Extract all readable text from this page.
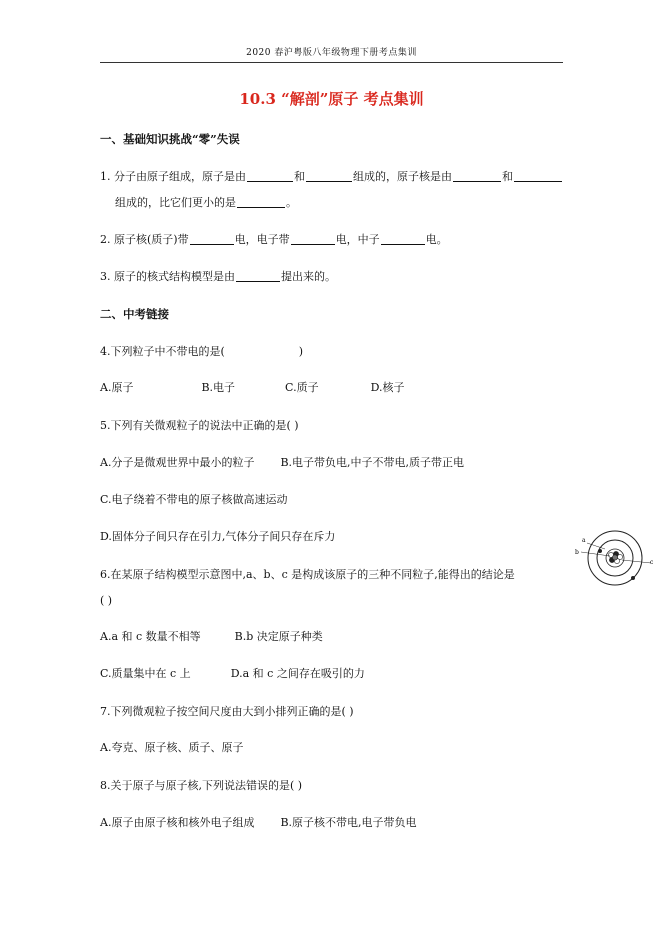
2020 春沪粤版八年级物理下册考点集训
10.3 “解剖”原子 考点集训
一、基础知识挑战“零”失误
1. 分子由原子组成，原子是由	和	组成的，原子核是由	和
组成的，比它们更小的是	。
2. 原子核(质子)带	电，电子带	电，中子	电。
3. 原子的核式结构模型是由	提出来的。
二、中考链接
4.下列粒子中不带电的是(	)
A.原子	B.电子	C.质子	D.核子
5.下列有关微观粒子的说法中正确的是( )
A.分子是微观世界中最小的粒子 B.电子带负电,中子不带电,质子带正电
C.电子绕着不带电的原子核做高速运动
D.固体分子间只存在引力,气体分子间只存在斥力
6.在某原子结构模型示意图中,a、b、c 是构成该原子的三种不同粒子,能得出的结论是
( )
A.a 和 c 数量不相等	B.b 决定原子种类
C.质量集中在 c 上	D.a 和 c 之间存在吸引的力
a
b
c
7.下列微观粒子按空间尺度由大到小排列正确的是( )
A.夸克、原子核、质子、原子
8.关于原子与原子核,下列说法错误的是( )
A.原子由原子核和核外电子组成 B.原子核不带电,电子带负电
